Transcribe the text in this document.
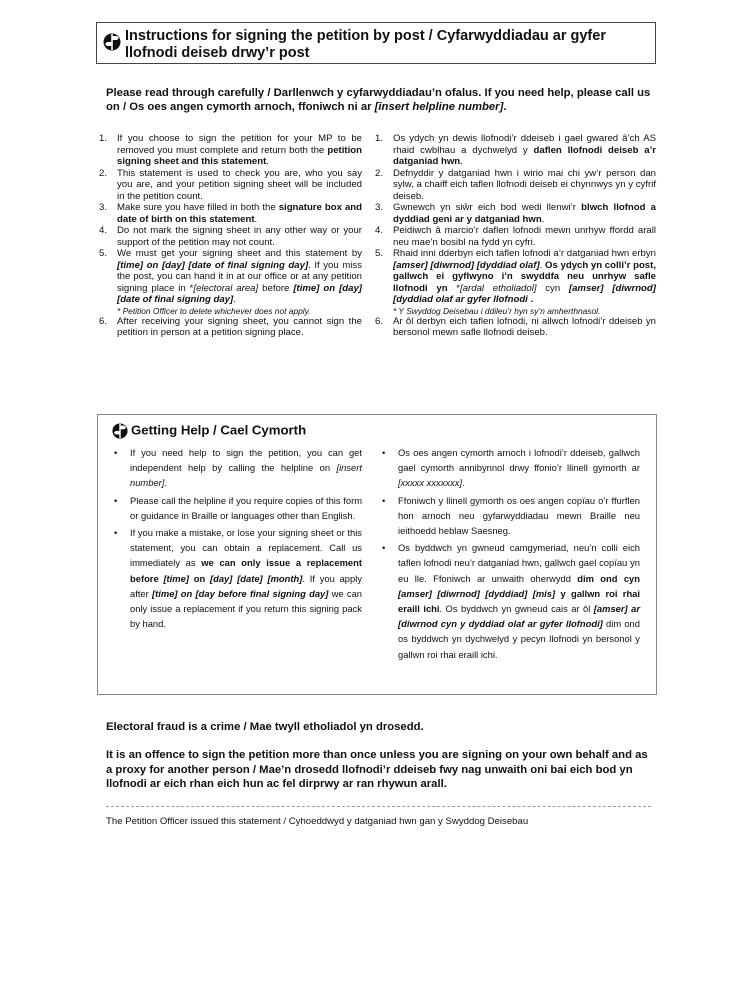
Instructions for signing the petition by post / Cyfarwyddiadau ar gyfer llofnodi deiseb drwy’r post
Please read through carefully / Darllenwch y cyfarwyddiadau’n ofalus. If you need help, please call us on / Os oes angen cymorth arnoch, ffoniwch ni ar [insert helpline number].
1. If you choose to sign the petition for your MP to be removed you must complete and return both the petition signing sheet and this statement.
2. This statement is used to check you are, who you say you are, and your petition signing sheet will be included in the petition count.
3. Make sure you have filled in both the signature box and date of birth on this statement.
4. Do not mark the signing sheet in any other way or your support of the petition may not count.
5. We must get your signing sheet and this statement by [time] on [day] [date of final signing day]. If you miss the post, you can hand it in at our office or at any petition signing place in *[electoral area] before [time] on [day] [date of final signing day].
* Petition Officer to delete whichever does not apply.
6. After receiving your signing sheet, you cannot sign the petition in person at a petition signing place.
1. Os ydych yn dewis llofnodi’r ddeiseb i gael gwared â’ch AS rhaid cwblhau a dychwelyd y daflen llofnodi deiseb a’r datganiad hwn.
2. Defnyddir y datganiad hwn i wirio mai chi yw’r person dan sylw, a chaiff eich taflen llofnodi deiseb ei chynnwys yn y cyfrif deiseb.
3. Gwnewch yn siŵr eich bod wedi llenwi’r blwch llofnod a dyddiad geni ar y datganiad hwn.
4. Peidiwch â marcio’r daflen lofnodi mewn unrhyw ffordd arall neu mae’n bosibl na fydd yn cyfri.
5. Rhaid inni dderbyn eich taflen lofnodi a’r datganiad hwn erbyn [amser] [diwrnod] [dyddiad olaf]. Os ydych yn colli’r post, gallwch ei gyflwyno i’n swyddfa neu unrhyw safle llofnodi yn *[ardal etholiadol] cyn [amser] [diwrnod] [dyddiad olaf ar gyfer llofnodi .
* Y Swyddog Deisebau i ddileu’r hyn sy’n amherthnasol.
6. Ar ôl derbyn eich taflen lofnodi, ni allwch lofnodi’r ddeiseb yn bersonol mewn safle llofnodi deiseb.
Getting Help / Cael Cymorth
• If you need help to sign the petition, you can get independent help by calling the helpline on [insert number].
• Please call the helpline if you require copies of this form or guidance in Braille or languages other than English.
• If you make a mistake, or lose your signing sheet or this statement, you can obtain a replacement. Call us immediately as we can only issue a replacement before [time] on [day] [date] [month]. If you apply after [time] on [day before final signing day] we can only issue a replacement if you return this signing pack by hand.
• Os oes angen cymorth arnoch i lofnodi’r ddeiseb, gallwch gael cymorth annibynnol drwy ffonio’r llinell gymorth ar [xxxxx xxxxxxx].
• Ffoniwch y llinell gymorth os oes angen copïau o’r ffurflen hon arnoch neu gyfarwyddiadau mewn Braille neu ieithoedd heblaw Saesneg.
• Os byddwch yn gwneud camgymeriad, neu’n colli eich taflen lofnodi neu’r datganiad hwn, gallwch gael copïau yn eu lle. Ffoniwch ar unwaith oherwydd dim ond cyn [amser] [diwrnod] [dyddiad] [mis] y gallwn roi rhai eraill ichi. Os byddwch yn gwneud cais ar ôl [amser] ar [diwrnod cyn y dyddiad olaf ar gyfer llofnodi] dim ond os byddwch yn dychwelyd y pecyn llofnodi yn bersonol y gallwn roi rhai eraill ichi.
Electoral fraud is a crime / Mae twyll etholiadol yn drosedd.
It is an offence to sign the petition more than once unless you are signing on your own behalf and as a proxy for another person / Mae’n drosedd llofnodi’r ddeiseb fwy nag unwaith oni bai eich bod yn llofnodi ar eich rhan eich hun ac fel dirprwy ar ran rhywun arall.
The Petition Officer issued this statement / Cyhoeddwyd y datganiad hwn gan y Swyddog Deisebau
